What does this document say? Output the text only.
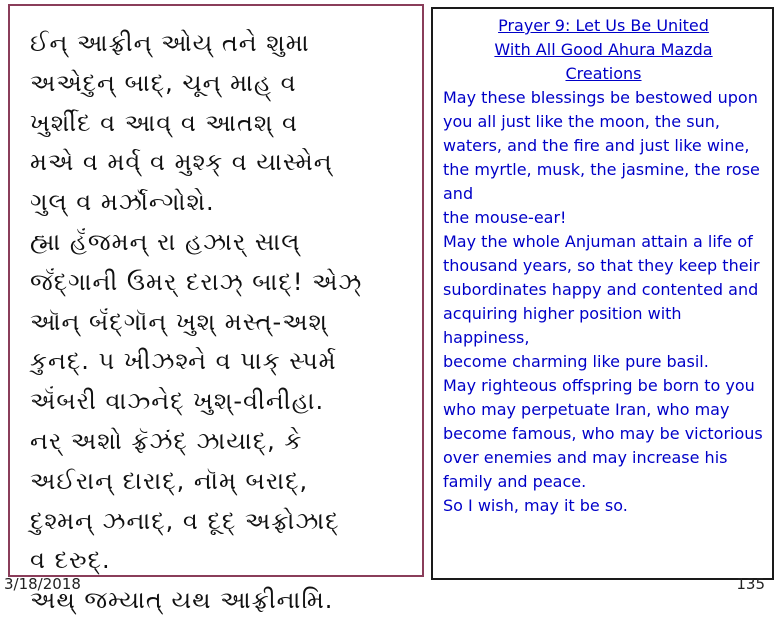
ઈન્ આફ્રીન્ ઓય્ તને શુમા
અએદુન્ બાદ્, ચૂન્ માહ્ વ
ખુર્શીદ વ આવ્ વ આતશ્ વ
મએ વ મર્વ્ વ મુશ્ક્ વ યાસ્મેન્
ગુલ્ વ મર્ઝૉન્ગોશે.
હ્મા હૅંજમન્ રા હઝાર્ સાલ્
જૅંદ્ગાની ઉમર્ દરાઝ્ બાદ્! એઝ્
ઑન્ બૅંદ્ગૉન્ ખુશ્ મસ્ત્-અશ્
કુનદ્. ૫ ખીઝશ્ને વ પાક્ સ્પર્મ
ઍંબરી વાઝ્નેદ્ ખુશ્-વીનીહા.
નર્ અશો ફ્રૅઝંદ્ ઝાયાદ્, કે
અઈરાન્ દારાદ્, નૉમ્ બરાદ્,
દુશ્મન્ ઝનાદ્, વ દૂદ્ અફ્રોઝાદ્
વ દરુદ્.
અથ્ જમ્યાત્ યથ આફ્રીનામિ.
Prayer 9: Let Us Be United
With All Good Ahura Mazda
Creations
May these blessings be bestowed upon you all just like the moon, the sun, waters, and the fire and just like wine, the myrtle, musk, the jasmine, the rose and
the mouse-ear!
May the whole Anjuman attain a life of thousand years, so that they keep their subordinates happy and contented and acquiring higher position with happiness,
become charming like pure basil.
May righteous offspring be born to you who may perpetuate Iran, who may become famous, who may be victorious over enemies and may increase his family and peace.
So I wish, may it be so.
3/18/2018	135
